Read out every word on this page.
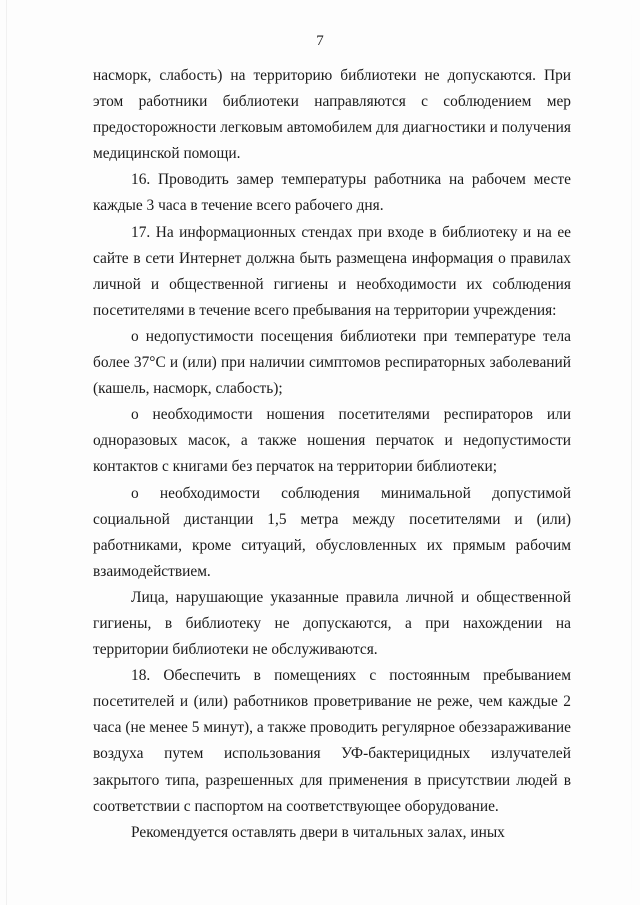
7

насморк, слабость) на территорию библиотеки не допускаются. При этом работники библиотеки направляются с соблюдением мер предосторожности легковым автомобилем для диагностики и получения медицинской помощи.

16. Проводить замер температуры работника на рабочем месте каждые 3 часа в течение всего рабочего дня.

17. На информационных стендах при входе в библиотеку и на ее сайте в сети Интернет должна быть размещена информация о правилах личной и общественной гигиены и необходимости их соблюдения посетителями в течение всего пребывания на территории учреждения:

о недопустимости посещения библиотеки при температуре тела более 37°С и (или) при наличии симптомов респираторных заболеваний (кашель, насморк, слабость);

о необходимости ношения посетителями респираторов или одноразовых масок, а также ношения перчаток и недопустимости контактов с книгами без перчаток на территории библиотеки;

о необходимости соблюдения минимальной допустимой социальной дистанции 1,5 метра между посетителями и (или) работниками, кроме ситуаций, обусловленных их прямым рабочим взаимодействием.

Лица, нарушающие указанные правила личной и общественной гигиены, в библиотеку не допускаются, а при нахождении на территории библиотеки не обслуживаются.

18. Обеспечить в помещениях с постоянным пребыванием посетителей и (или) работников проветривание не реже, чем каждые 2 часа (не менее 5 минут), а также проводить регулярное обеззараживание воздуха путем использования УФ-бактерицидных излучателей закрытого типа, разрешенных для применения в присутствии людей в соответствии с паспортом на соответствующее оборудование.

Рекомендуется оставлять двери в читальных залах, иных
